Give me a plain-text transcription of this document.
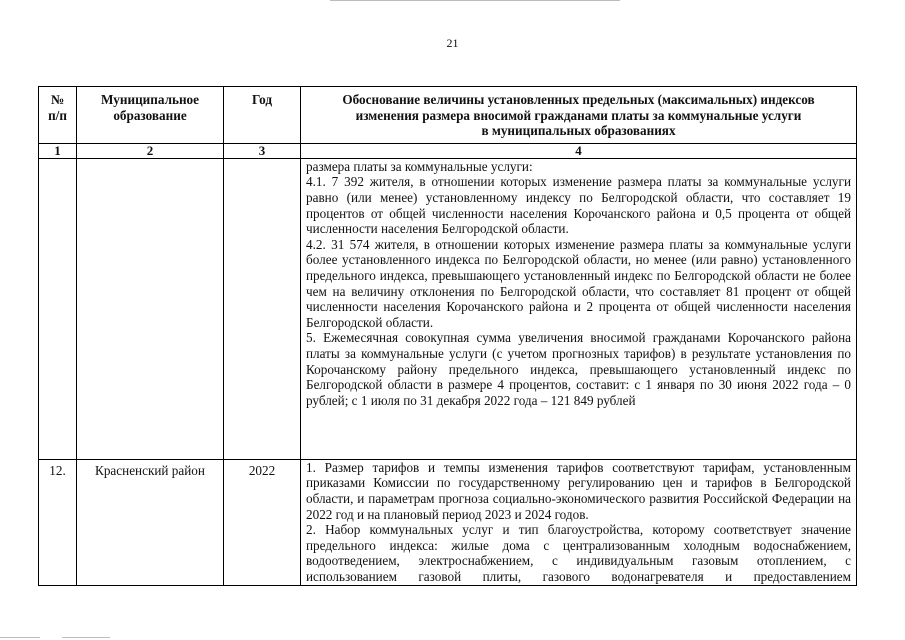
21
№ п/п	Муниципальное образование	Год	Обоснование величины установленных предельных (максимальных) индексов
изменения размера вносимой гражданами платы за коммунальные услуги
в муниципальных образованиях

1	2	3	4

			размера платы за коммунальные услуги:

4.1. 7 392 жителя, в отношении которых изменение размера платы за коммунальные услуги равно (или менее) установленному индексу по Белгородской области, что составляет 19 процентов от общей численности населения Корочанского района и 0,5 процента от общей численности населения Белгородской области.

4.2. 31 574 жителя, в отношении которых изменение размера платы за коммунальные услуги более установленного индекса по Белгородской области, но менее (или равно) установленного предельного индекса, превышающего установленный индекс по Белгородской области не более чем на величину отклонения по Белгородской области, что составляет 81 процент от общей численности населения Корочанского района и 2 процента от общей численности населения Белгородской области.

5. Ежемесячная совокупная сумма увеличения вносимой гражданами Корочанского района платы за коммунальные услуги (с учетом прогнозных тарифов) в результате установления по Корочанскому району предельного индекса, превышающего установленный индекс по Белгородской области в размере 4 процентов, составит: с 1 января по 30 июня 2022 года – 0 рублей; с 1 июля по 31 декабря 2022 года – 121 849 рублей

12.	Красненский район	2022	1. Размер тарифов и темпы изменения тарифов соответствуют тарифам, установленным приказами Комиссии по государственному регулированию цен и тарифов в Белгородской области, и параметрам прогноза социально-экономического развития Российской Федерации на 2022 год и на плановый период 2023 и 2024 годов.

2. Набор коммунальных услуг и тип благоустройства, которому соответствует значение предельного индекса: жилые дома с централизованным холодным водоснабжением, водоотведением, электроснабжением, с индивидуальным газовым отоплением, с использованием газовой плиты, газового водонагревателя и предоставлением
